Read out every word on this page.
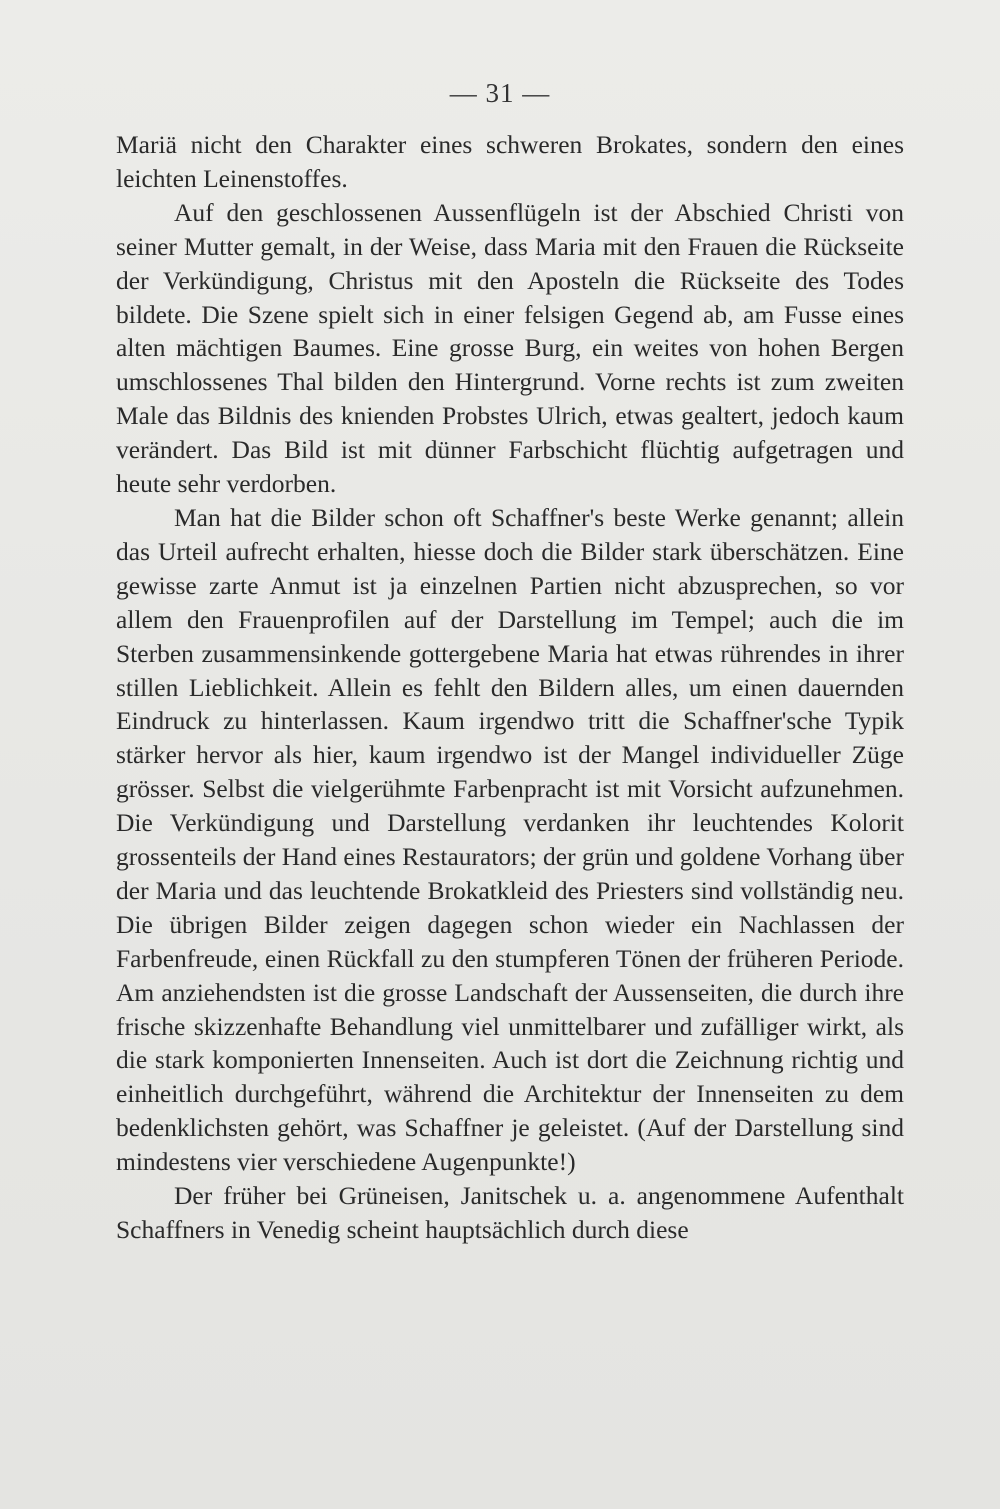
— 31 —

Mariä nicht den Charakter eines schweren Brokates, sondern den eines leichten Leinenstoffes.

Auf den geschlossenen Aussenflügeln ist der Abschied Christi von seiner Mutter gemalt, in der Weise, dass Maria mit den Frauen die Rückseite der Verkündigung, Christus mit den Aposteln die Rückseite des Todes bildete. Die Szene spielt sich in einer felsigen Gegend ab, am Fusse eines alten mächtigen Baumes. Eine grosse Burg, ein weites von hohen Bergen umschlossenes Thal bilden den Hintergrund. Vorne rechts ist zum zweiten Male das Bildnis des knienden Probstes Ulrich, etwas gealtert, jedoch kaum verändert. Das Bild ist mit dünner Farbschicht flüchtig aufgetragen und heute sehr verdorben.

Man hat die Bilder schon oft Schaffner's beste Werke genannt; allein das Urteil aufrecht erhalten, hiesse doch die Bilder stark überschätzen. Eine gewisse zarte Anmut ist ja einzelnen Partien nicht abzusprechen, so vor allem den Frauenprofilen auf der Darstellung im Tempel; auch die im Sterben zusammensinkende gottergebene Maria hat etwas rührendes in ihrer stillen Lieblichkeit. Allein es fehlt den Bildern alles, um einen dauernden Eindruck zu hinterlassen. Kaum irgendwo tritt die Schaffner'sche Typik stärker hervor als hier, kaum irgendwo ist der Mangel individueller Züge grösser. Selbst die vielgerühmte Farbenpracht ist mit Vorsicht aufzunehmen. Die Verkündigung und Darstellung verdanken ihr leuchtendes Kolorit grossenteils der Hand eines Restaurators; der grün und goldene Vorhang über der Maria und das leuchtende Brokatkleid des Priesters sind vollständig neu. Die übrigen Bilder zeigen dagegen schon wieder ein Nachlassen der Farbenfreude, einen Rückfall zu den stumpferen Tönen der früheren Periode. Am anziehendsten ist die grosse Landschaft der Aussenseiten, die durch ihre frische skizzenhafte Behandlung viel unmittelbarer und zufälliger wirkt, als die stark komponierten Innenseiten. Auch ist dort die Zeichnung richtig und einheitlich durchgeführt, während die Architektur der Innenseiten zu dem bedenklichsten gehört, was Schaffner je geleistet. (Auf der Darstellung sind mindestens vier verschiedene Augenpunkte!)

Der früher bei Grüneisen, Janitschek u. a. angenommene Aufenthalt Schaffners in Venedig scheint hauptsächlich durch diese
